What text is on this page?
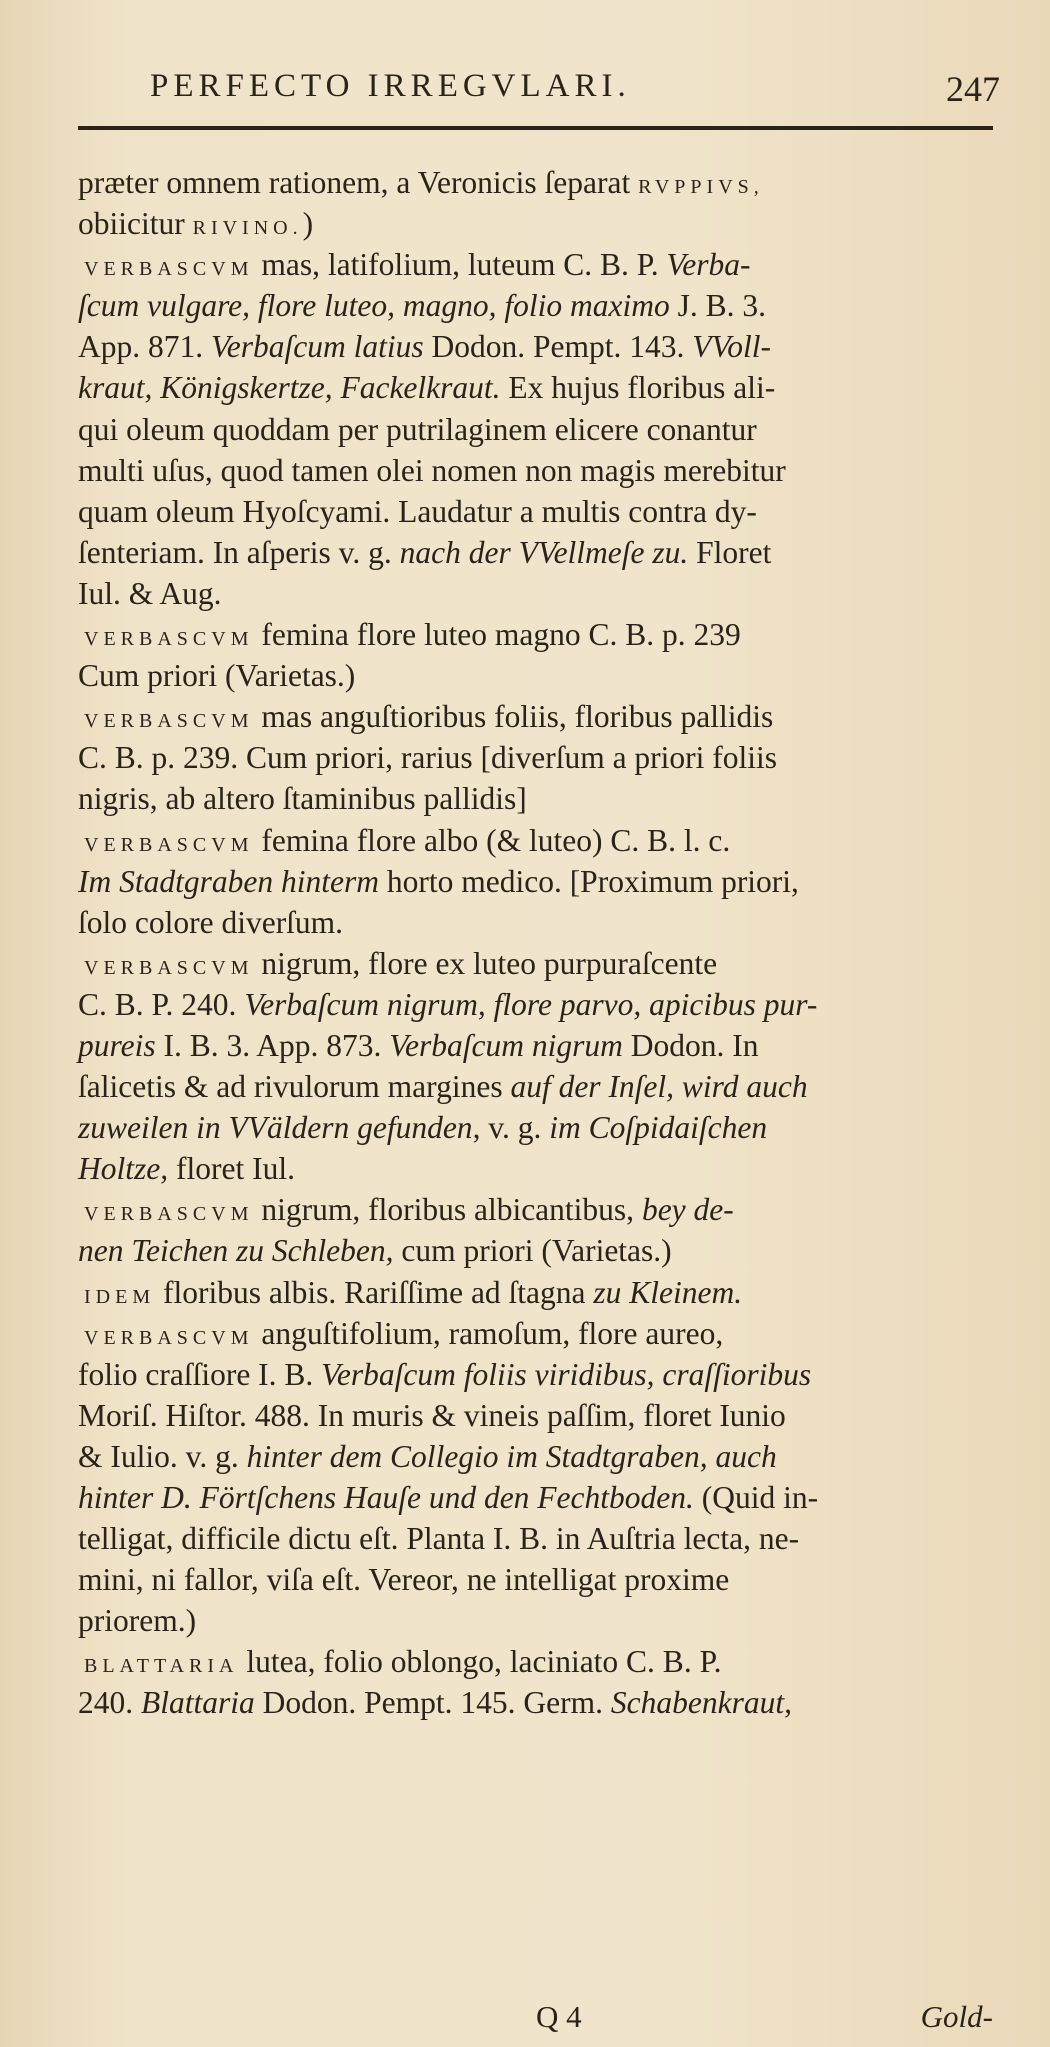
PERFECTO IRREGVLARI.	247
præter omnem rationem, a Veronicis ſeparat RVPPIVS,
obiicitur RIVINO.)
VERBASCVM mas, latifolium, luteum C. B. P. Verba-
ſcum vulgare, flore luteo, magno, folio maximo J. B. 3.
App. 871. Verbaſcum latius Dodon. Pempt. 143. VVoll-
kraut, Königskertze, Fackelkraut. Ex hujus floribus ali-
qui oleum quoddam per putrilaginem elicere conantur
multi uſus, quod tamen olei nomen non magis merebitur
quam oleum Hyoſcyami. Laudatur a multis contra dy-
ſenteriam. In aſperis v. g. nach der VVellmeſe zu. Floret
Iul. & Aug.
VERBASCVM femina flore luteo magno C. B. p. 239
Cum priori (Varietas.)
VERBASCVM mas anguſtioribus foliis, floribus pallidis
C. B. p. 239. Cum priori, rarius [diverſum a priori foliis
nigris, ab altero ſtaminibus pallidis]
VERBASCVM femina flore albo (& luteo) C. B. l. c.
Im Stadtgraben hinterm horto medico. [Proximum priori,
ſolo colore diverſum.
VERBASCVM nigrum, flore ex luteo purpuraſcente
C. B. P. 240. Verbaſcum nigrum, flore parvo, apicibus pur-
pureis I. B. 3. App. 873. Verbaſcum nigrum Dodon. In
ſalicetis & ad rivulorum margines auf der Inſel, wird auch
zuweilen in VVäldern gefunden, v. g. im Coſpidaiſchen
Holtze, floret Iul.
VERBASCVM nigrum, floribus albicantibus, bey de-
nen Teichen zu Schleben, cum priori (Varietas.)
IDEM floribus albis. Rariſſime ad ſtagna zu Kleinem.
VERBASCVM anguſtifolium, ramoſum, flore aureo,
folio craſſiore I. B. Verbaſcum foliis viridibus, craſſioribus
Moriſ. Hiſtor. 488. In muris & vineis paſſim, floret Iunio
& Iulio. v. g. hinter dem Collegio im Stadtgraben, auch
hinter D. Förtſchens Hauſe und den Fechtboden. (Quid in-
telligat, difficile dictu eſt. Planta I. B. in Auſtria lecta, ne-
mini, ni fallor, viſa eſt. Vereor, ne intelligat proxime
priorem.)
BLATTARIA lutea, folio oblongo, laciniato C. B. P.
240. Blattaria Dodon. Pempt. 145. Germ. Schabenkraut,
Q 4	Gold-
